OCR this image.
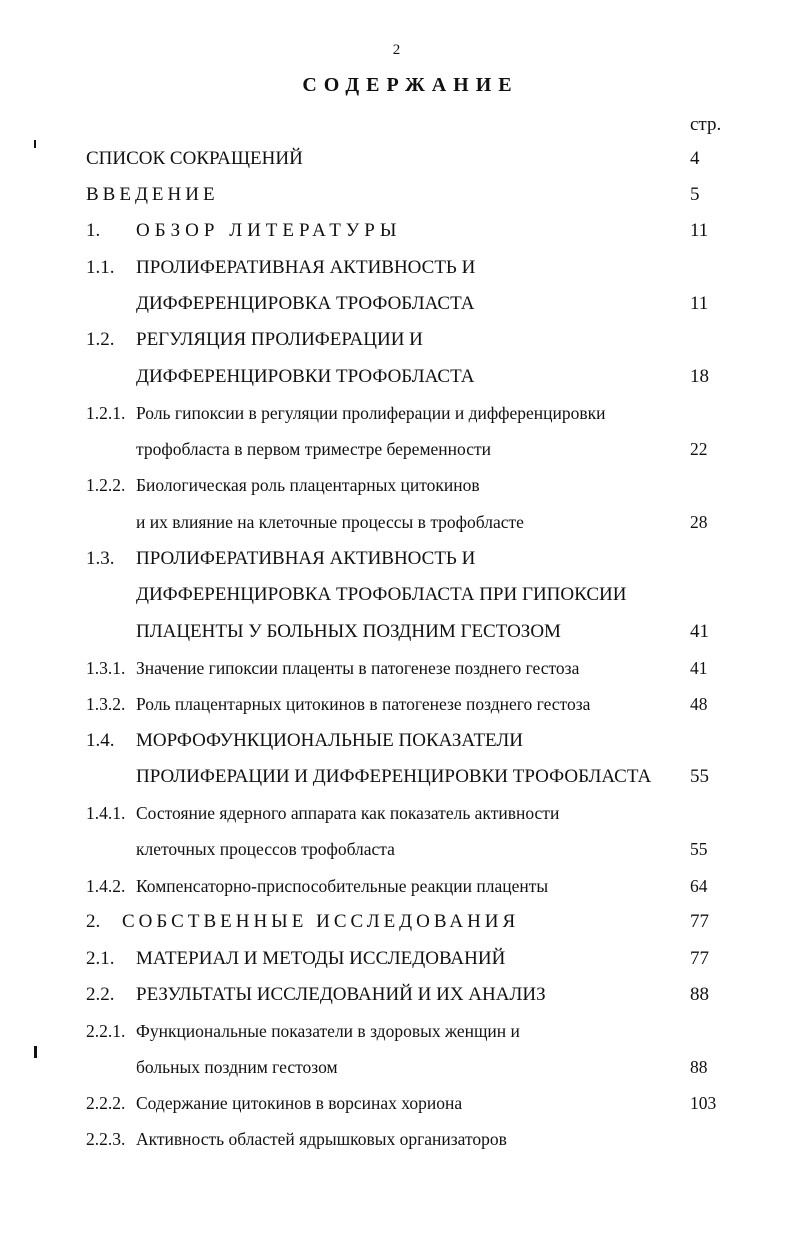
2
СОДЕРЖАНИЕ
стр.
СПИСОК СОКРАЩЕНИЙ	4
ВВЕДЕНИЕ	5
1. ОБЗОР ЛИТЕРАТУРЫ	11
1.1. ПРОЛИФЕРАТИВНАЯ АКТИВНОСТЬ И
ДИФФЕРЕНЦИРОВКА ТРОФОБЛАСТА	11
1.2. РЕГУЛЯЦИЯ ПРОЛИФЕРАЦИИ И
ДИФФЕРЕНЦИРОВКИ ТРОФОБЛАСТА	18
1.2.1. Роль гипоксии в регуляции пролиферации и дифференцировки
трофобласта в первом триместре беременности	22
1.2.2. Биологическая роль плацентарных цитокинов
и их влияние на клеточные процессы в трофобласте	28
1.3. ПРОЛИФЕРАТИВНАЯ АКТИВНОСТЬ И
ДИФФЕРЕНЦИРОВКА ТРОФОБЛАСТА ПРИ ГИПОКСИИ
ПЛАЦЕНТЫ У БОЛЬНЫХ ПОЗДНИМ ГЕСТОЗОМ	41
1.3.1. Значение гипоксии плаценты в патогенезе позднего гестоза	41
1.3.2. Роль плацентарных цитокинов в патогенезе позднего гестоза	48
1.4. МОРФОФУНКЦИОНАЛЬНЫЕ ПОКАЗАТЕЛИ
ПРОЛИФЕРАЦИИ И ДИФФЕРЕНЦИРОВКИ ТРОФОБЛАСТА 55
1.4.1. Состояние ядерного аппарата как показатель активности
клеточных процессов трофобласта	55
1.4.2. Компенсаторно-приспособительные реакции плаценты	64
2. СОБСТВЕННЫЕ ИССЛЕДОВАНИЯ	77
2.1. МАТЕРИАЛ И МЕТОДЫ ИССЛЕДОВАНИЙ	77
2.2. РЕЗУЛЬТАТЫ ИССЛЕДОВАНИЙ И ИХ АНАЛИЗ	88
2.2.1. Функциональные показатели в здоровых женщин и
больных поздним гестозом	88
2.2.2. Содержание цитокинов в ворсинах хориона	103
2.2.3. Активность областей ядрышковых организаторов
